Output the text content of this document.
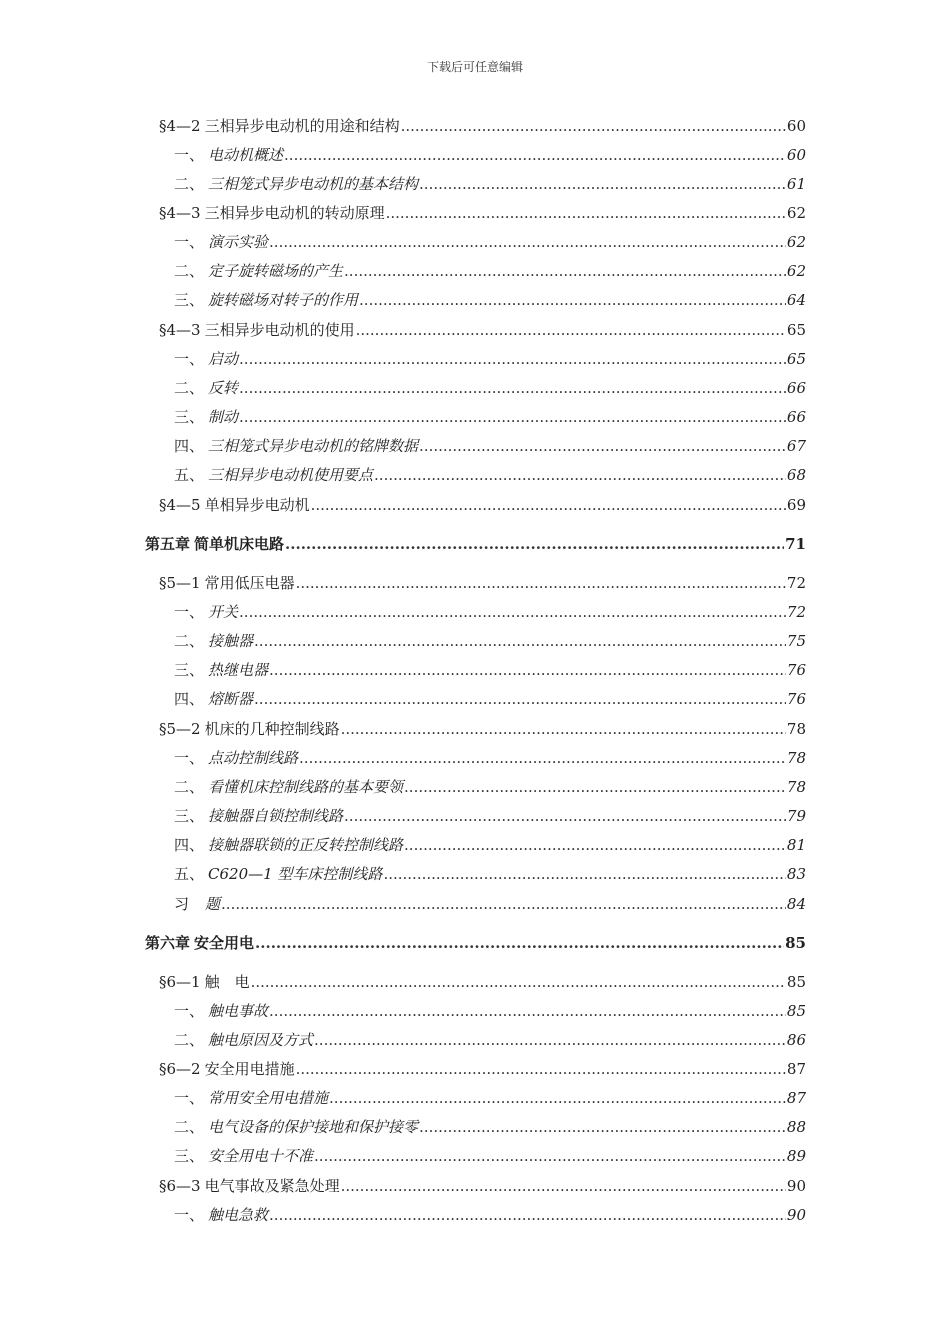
下载后可任意编辑
§4—2 三相异步电动机的用途和结构 .....	60
一、 电动机概述 .....	60
二、 三相笼式异步电动机的基本结构 .....	61
§4—3 三相异步电动机的转动原理 .....	62
一、 演示实验 .....	62
二、 定子旋转磁场的产生 .....	62
三、 旋转磁场对转子的作用 .....	64
§4—3 三相异步电动机的使用 .....	65
一、 启动 .....	65
二、 反转 .....	66
三、 制动 .....	66
四、 三相笼式异步电动机的铭牌数据 .....	67
五、 三相异步电动机使用要点 .....	68
§4—5 单相异步电动机 .....	69
第五章 简单机床电路 .....	71
§5—1 常用低压电器 .....	72
一、 开关 .....	72
二、 接触器 .....	75
三、 热继电器 .....	76
四、 熔断器 .....	76
§5—2 机床的几种控制线路 .....	78
一、 点动控制线路 .....	78
二、 看懂机床控制线路的基本要领 .....	78
三、 接触器自锁控制线路 .....	79
四、 接触器联锁的正反转控制线路 .....	81
五、 C620—1 型车床控制线路 .....	83
习 题 .....	84
第六章 安全用电 .....	85
§6—1 触　电 .....	85
一、 触电事故 .....	85
二、 触电原因及方式 .....	86
§6—2 安全用电措施 .....	87
一、 常用安全用电措施 .....	87
二、 电气设备的保护接地和保护接零 .....	88
三、 安全用电十不准 .....	89
§6—3 电气事故及紧急处理 .....	90
一、 触电急救 .....	90
